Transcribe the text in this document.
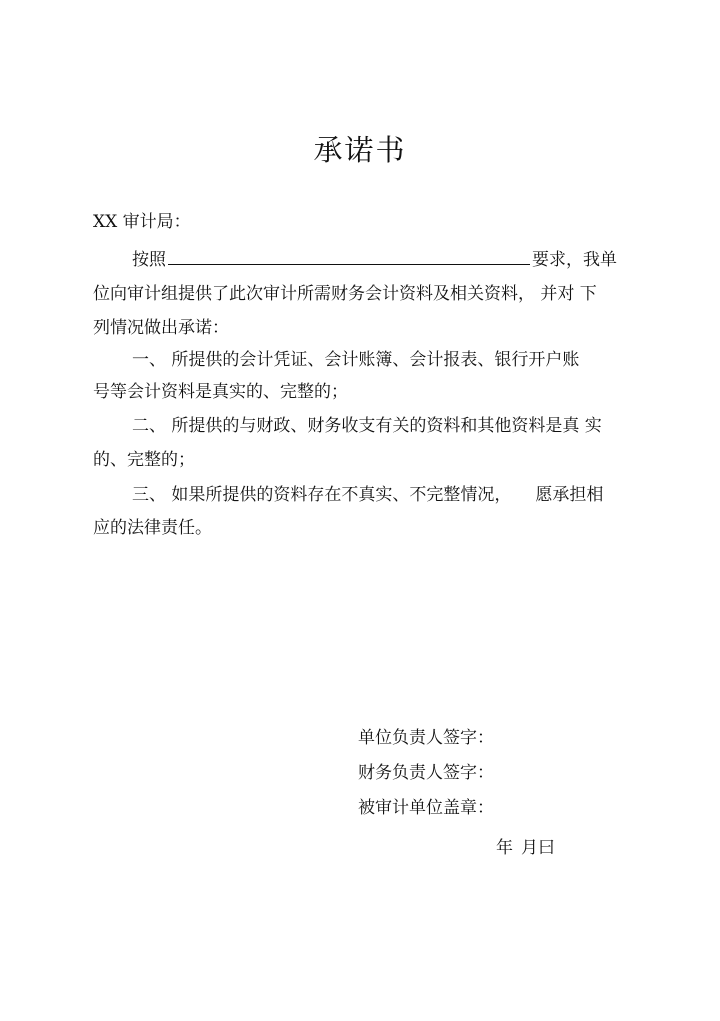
承诺书
XX 审计局：
按照	要求，我单
位向审计组提供了此次审计所需财务会计资料及相关资料， 并对 下
列情况做出承诺：
一、 所提供的会计凭证、会计账簿、会计报表、银行开户账
号等会计资料是真实的、完整的；
二、 所提供的与财政、财务收支有关的资料和其他资料是真 实
的、完整的；
三、 如果所提供的资料存在不真实、不完整情况， 愿承担相
应的法律责任。
单位负责人签字：
财务负责人签字：
被审计单位盖章：
年 月曰
